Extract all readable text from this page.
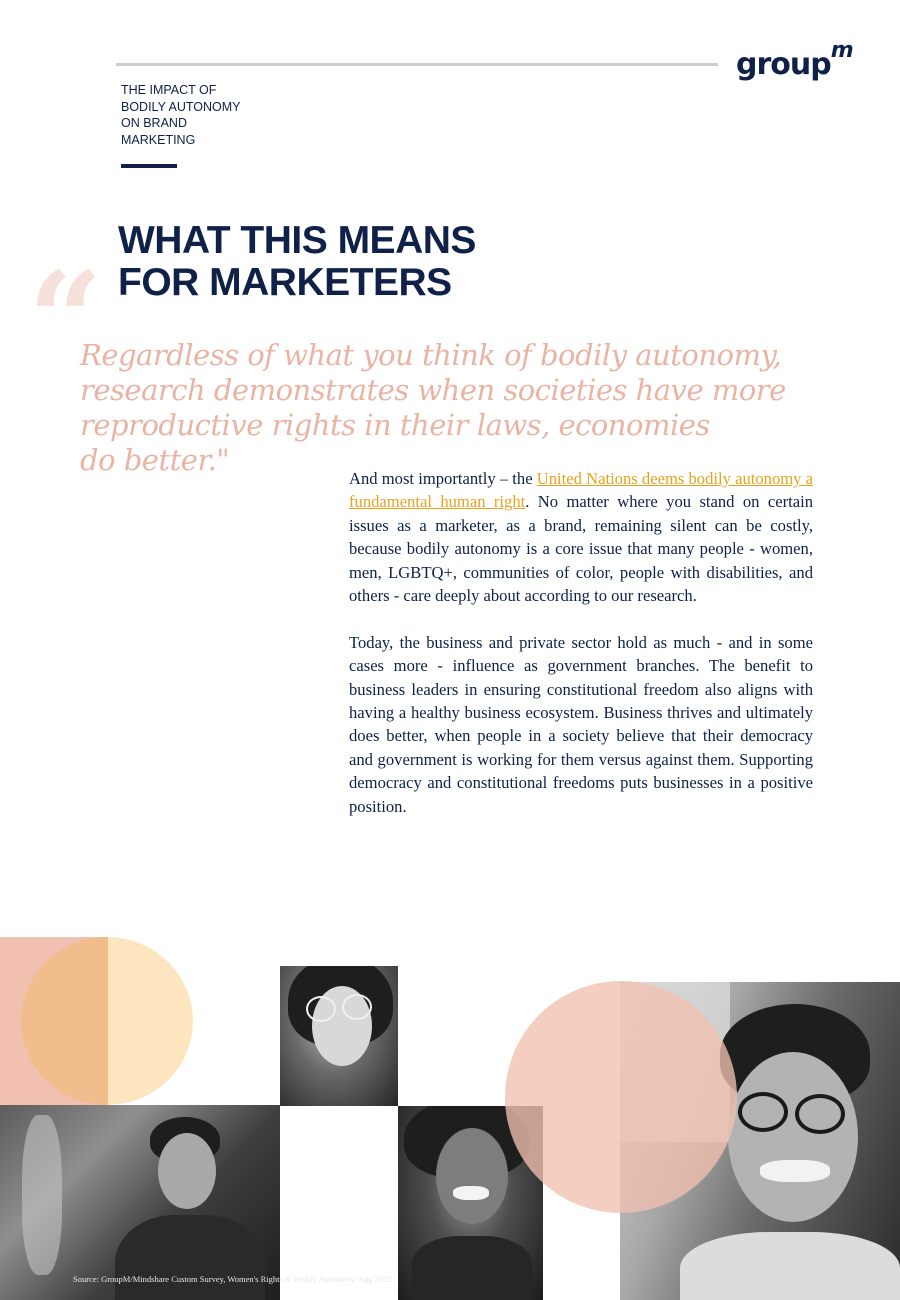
group$^m$
THE IMPACT OF
BODILY AUTONOMY
ON BRAND
MARKETING
WHAT THIS MEANS
FOR MARKETERS
“
Regardless of what you think of bodily autonomy,
research demonstrates when societies have more
reproductive rights in their laws, economies
do better."

And most importantly – the United Nations deems bodily autonomy a fundamental human right. No matter where you stand on certain issues as a marketer, as a brand, remaining silent can be costly, because bodily autonomy is a core issue that many people - women, men, LGBTQ+, communities of color, people with disabilities, and others - care deeply about according to our research.

Today, the business and private sector hold as much - and in some cases more - influence as government branches. The benefit to business leaders in ensuring constitutional freedom also aligns with having a healthy business ecosystem. Business thrives and ultimately does better, when people in a society believe that their democracy and government is working for them versus against them. Supporting democracy and constitutional freedoms puts businesses in a positive position.

Source: GroupM/Mindshare Custom Survey, Women's Rights & Bodily Autonomy, Aug 2022.
